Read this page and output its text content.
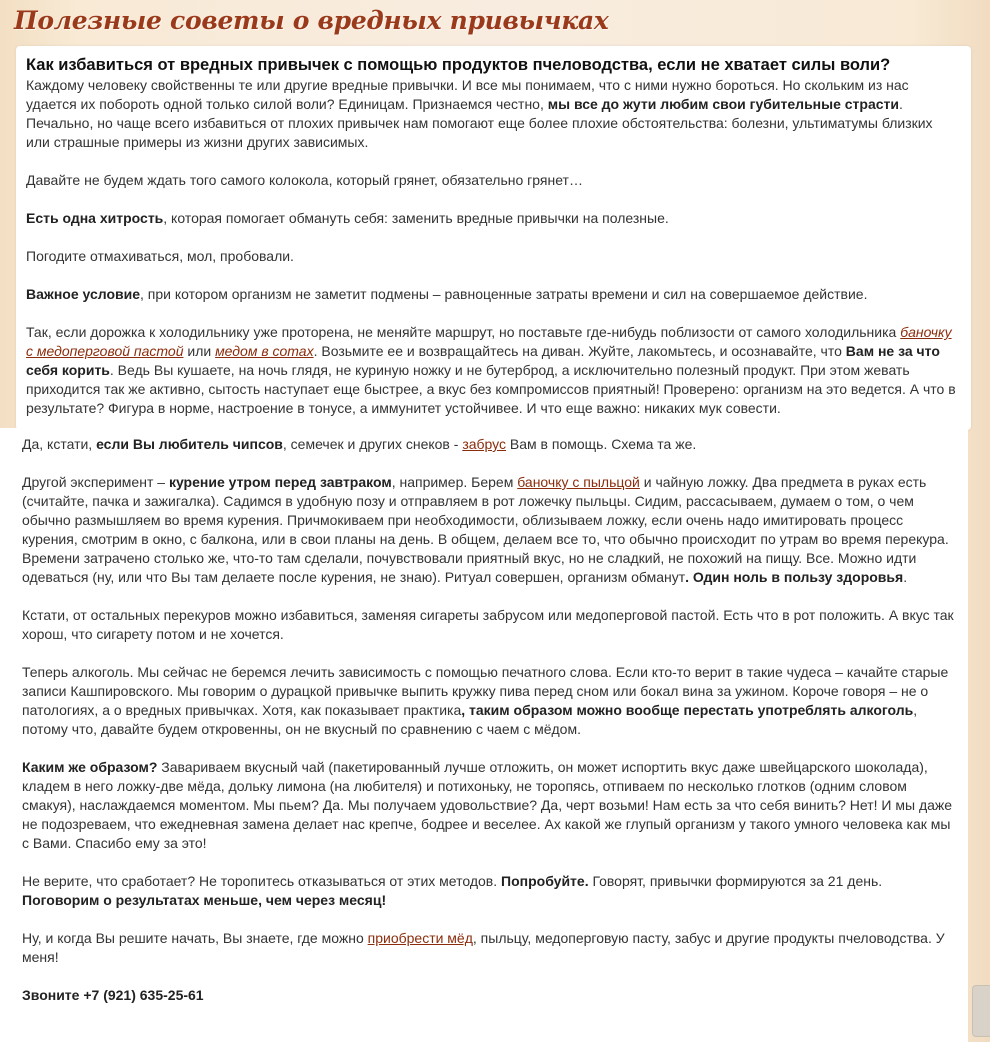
Полезные советы о вредных привычках

Как избавиться от вредных привычек с помощью продуктов пчеловодства, если не хватает силы воли?

Каждому человеку свойственны те или другие вредные привычки. И все мы понимаем, что с ними нужно бороться. Но скольким из нас удается их побороть одной только силой воли? Единицам. Признаемся честно, мы все до жути любим свои губительные страсти. Печально, но чаще всего избавиться от плохих привычек нам помогают еще более плохие обстоятельства: болезни, ультиматумы близких или страшные примеры из жизни других зависимых.

Давайте не будем ждать того самого колокола, который грянет, обязательно грянет…

Есть одна хитрость, которая помогает обмануть себя: заменить вредные привычки на полезные.

Погодите отмахиваться, мол, пробовали.

Важное условие, при котором организм не заметит подмены – равноценные затраты времени и сил на совершаемое действие.

Так, если дорожка к холодильнику уже проторена, не меняйте маршрут, но поставьте где-нибудь поблизости от самого холодильника баночку с медоперговой пастой или медом в сотах. Возьмите ее и возвращайтесь на диван. Жуйте, лакомьтесь, и осознавайте, что Вам не за что себя корить. Ведь Вы кушаете, на ночь глядя, не куриную ножку и не бутерброд, а исключительно полезный продукт. При этом жевать приходится так же активно, сытость наступает еще быстрее, а вкус без компромиссов приятный! Проверено: организм на это ведется. А что в результате? Фигура в норме, настроение в тонусе, а иммунитет устойчивее. И что еще важно: никаких мук совести.

Да, кстати, если Вы любитель чипсов, семечек и других снеков - забрус Вам в помощь. Схема та же.

Другой эксперимент – курение утром перед завтраком, например. Берем баночку с пыльцой и чайную ложку. Два предмета в руках есть (считайте, пачка и зажигалка). Садимся в удобную позу и отправляем в рот ложечку пыльцы. Сидим, рассасываем, думаем о том, о чем обычно размышляем во время курения. Причмокиваем при необходимости, облизываем ложку, если очень надо имитировать процесс курения, смотрим в окно, с балкона, или в свои планы на день. В общем, делаем все то, что обычно происходит по утрам во время перекура. Времени затрачено столько же, что-то там сделали, почувствовали приятный вкус, но не сладкий, не похожий на пищу. Все. Можно идти одеваться (ну, или что Вы там делаете после курения, не знаю). Ритуал совершен, организм обманут. Один ноль в пользу здоровья.

Кстати, от остальных перекуров можно избавиться, заменяя сигареты забрусом или медоперговой пастой. Есть что в рот положить. А вкус так хорош, что сигарету потом и не хочется.

Теперь алкоголь. Мы сейчас не беремся лечить зависимость с помощью печатного слова. Если кто-то верит в такие чудеса – качайте старые записи Кашпировского. Мы говорим о дурацкой привычке выпить кружку пива перед сном или бокал вина за ужином. Короче говоря – не о патологиях, а о вредных привычках. Хотя, как показывает практика, таким образом можно вообще перестать употреблять алкоголь, потому что, давайте будем откровенны, он не вкусный по сравнению с чаем с мёдом.

Каким же образом? Завариваем вкусный чай (пакетированный лучше отложить, он может испортить вкус даже швейцарского шоколада), кладем в него ложку-две мёда, дольку лимона (на любителя) и потихоньку, не торопясь, отпиваем по несколько глотков (одним словом смакуя), наслаждаемся моментом. Мы пьем? Да. Мы получаем удовольствие? Да, черт возьми! Нам есть за что себя винить? Нет! И мы даже не подозреваем, что ежедневная замена делает нас крепче, бодрее и веселее. Ах какой же глупый организм у такого умного человека как мы с Вами. Спасибо ему за это!

Не верите, что сработает? Не торопитесь отказываться от этих методов. Попробуйте. Говорят, привычки формируются за 21 день. Поговорим о результатах меньше, чем через месяц!

Ну, и когда Вы решите начать, Вы знаете, где можно приобрести мёд, пыльцу, медоперговую пасту, забус и другие продукты пчеловодства. У меня!

Звоните +7 (921) 635-25-61
